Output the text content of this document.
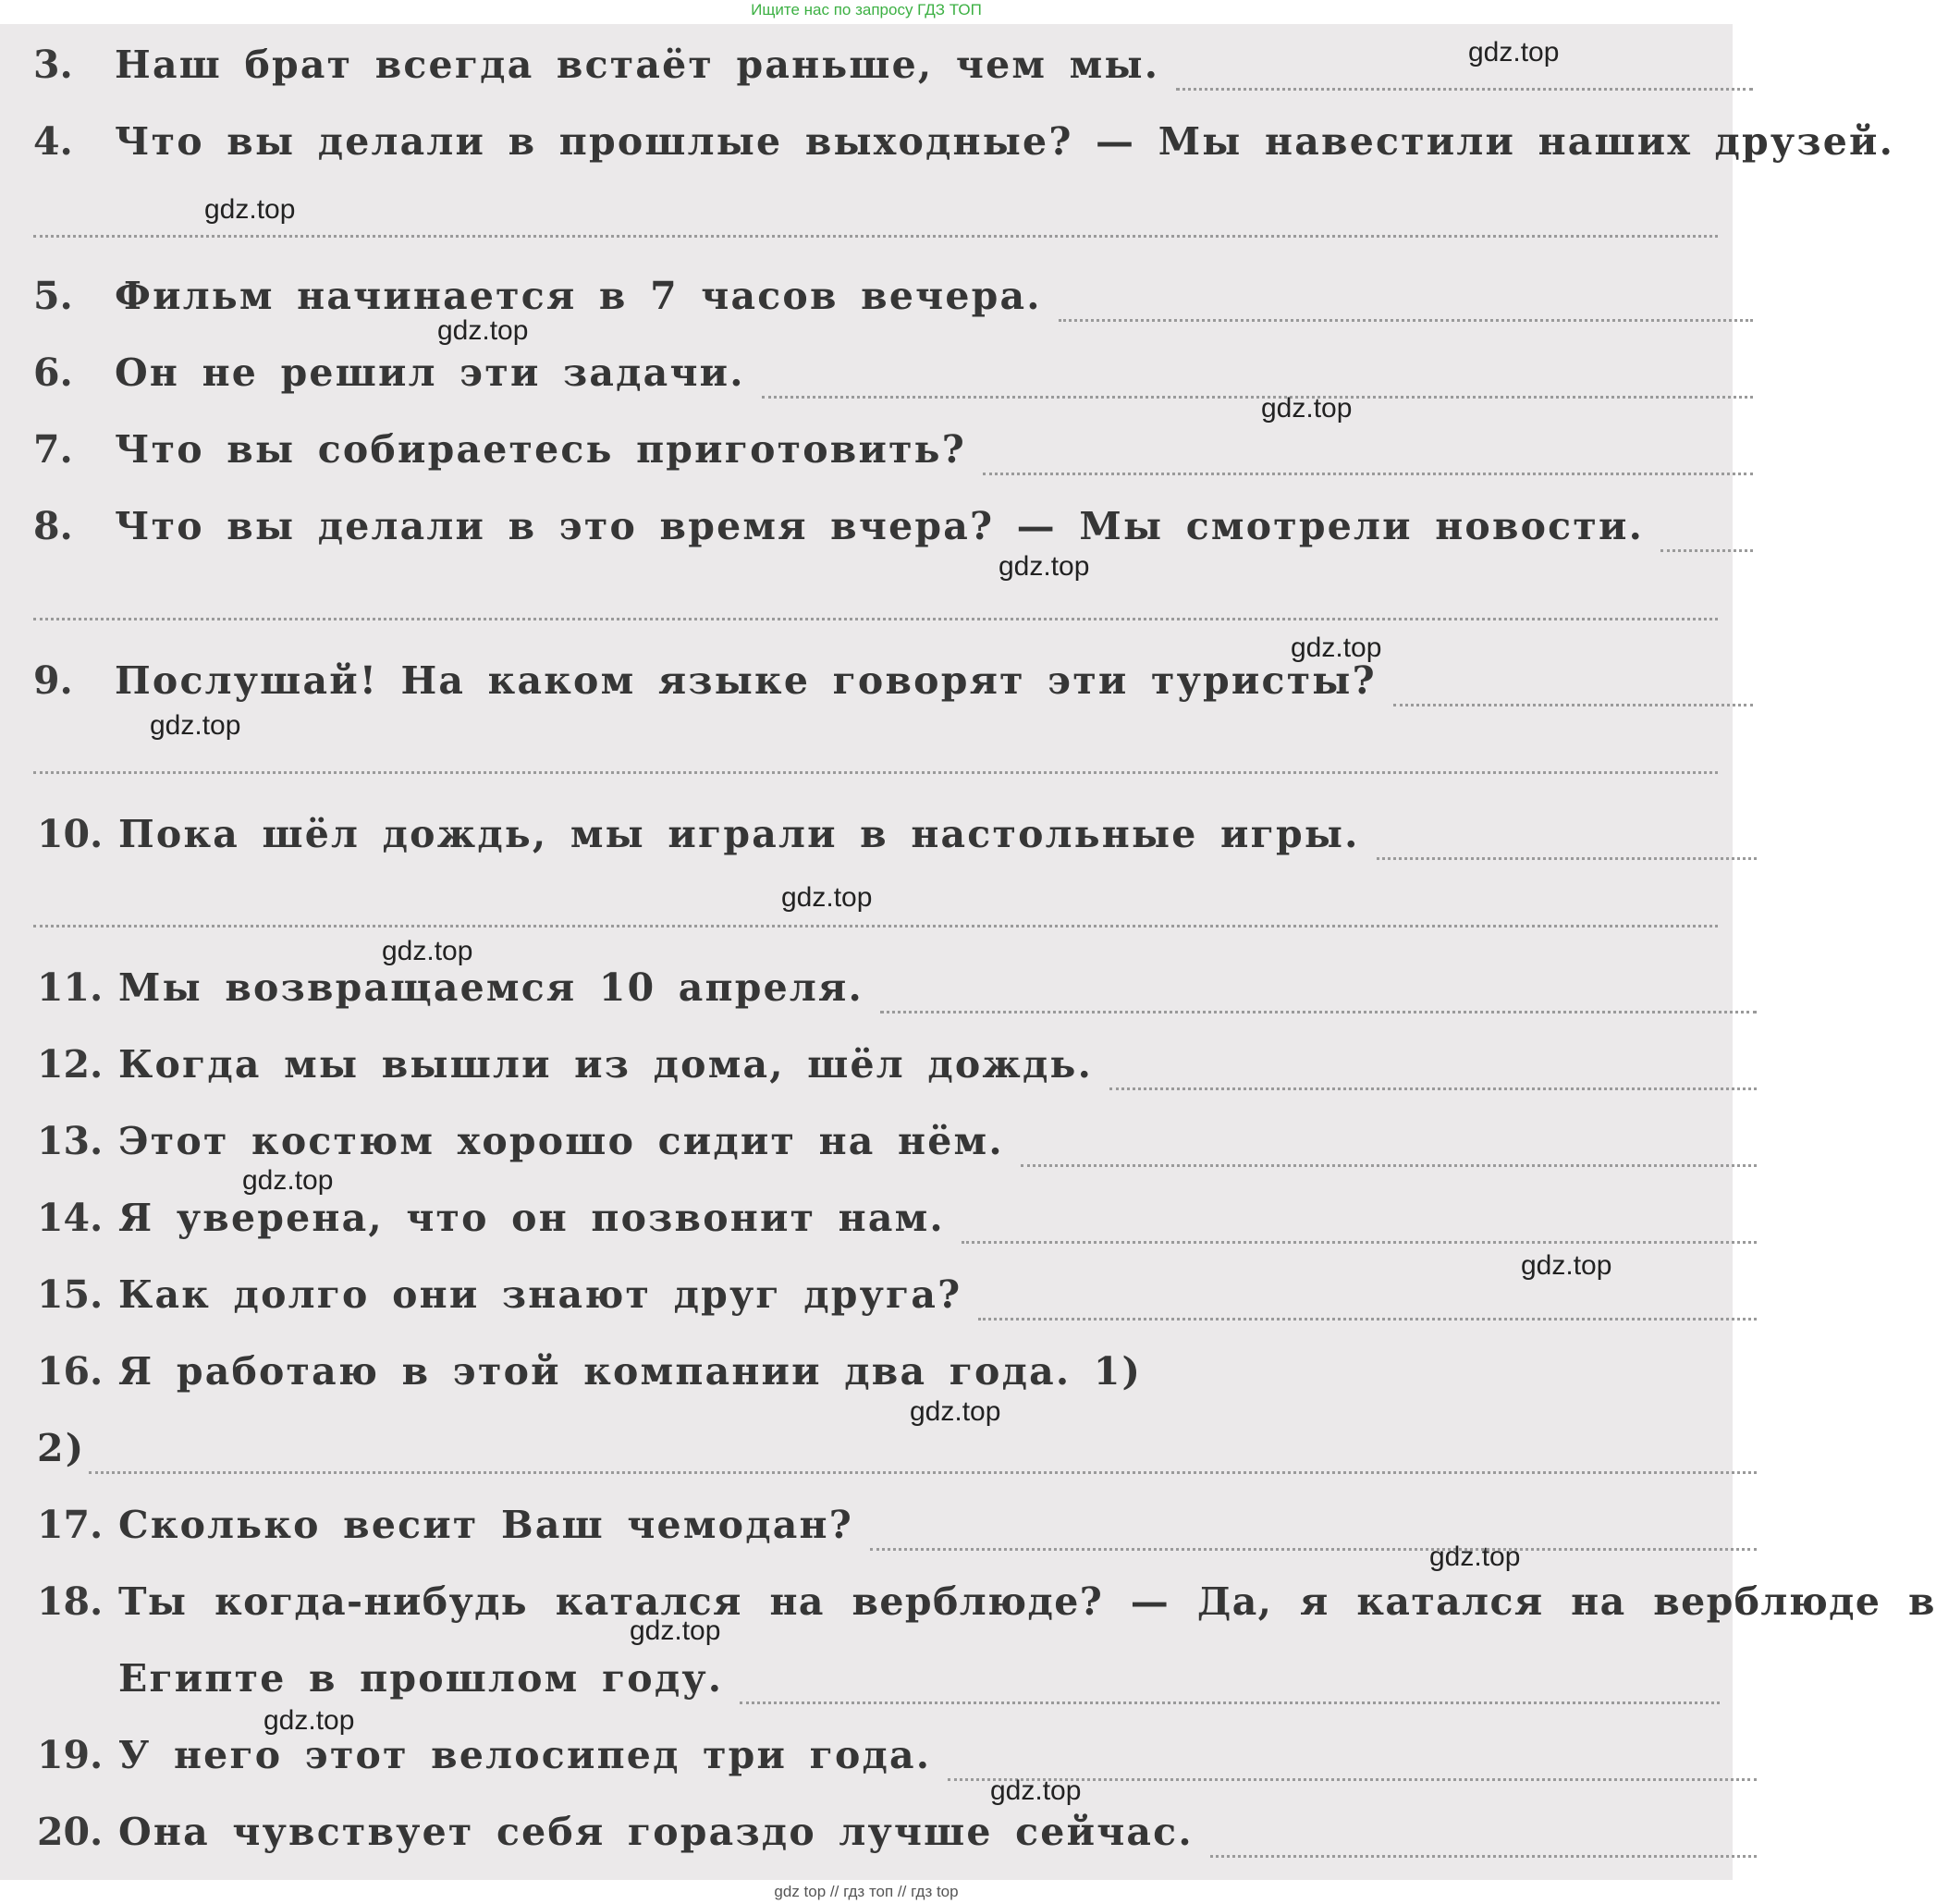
Ищите нас по запросу ГДЗ ТОП
3.	Наш брат всегда встаёт раньше, чем мы.
4.	Что вы делали в прошлые выходные? — Мы навестили наших друзей.
5.	Фильм начинается в 7 часов вечера.
6.	Он не решил эти задачи.
7.	Что вы собираетесь приготовить?
8.	Что вы делали в это время вчера? — Мы смотрели новости.
9.	Послушай! На каком языке говорят эти туристы?
10. Пока шёл дождь, мы играли в настольные игры.
11. Мы возвращаемся 10 апреля.
12. Когда мы вышли из дома, шёл дождь.
13. Этот костюм хорошо сидит на нём.
14. Я уверена, что он позвонит нам.
15. Как долго они знают друг друга?
16. Я работаю в этой компании два года. 1)
2)
17. Сколько весит Ваш чемодан?
18. Ты когда-нибудь катался на верблюде? — Да, я катался на верблюде в
Египте в прошлом году.
19. У него этот велосипед три года.
20. Она чувствует себя гораздо лучше сейчас.
gdz.top
gdz.top
gdz.top
gdz.top
gdz.top
gdz.top
gdz.top
gdz.top
gdz.top
gdz.top
gdz.top
gdz.top
gdz.top
gdz.top
gdz.top
gdz.top
gdz top // гдз топ // гдз top
